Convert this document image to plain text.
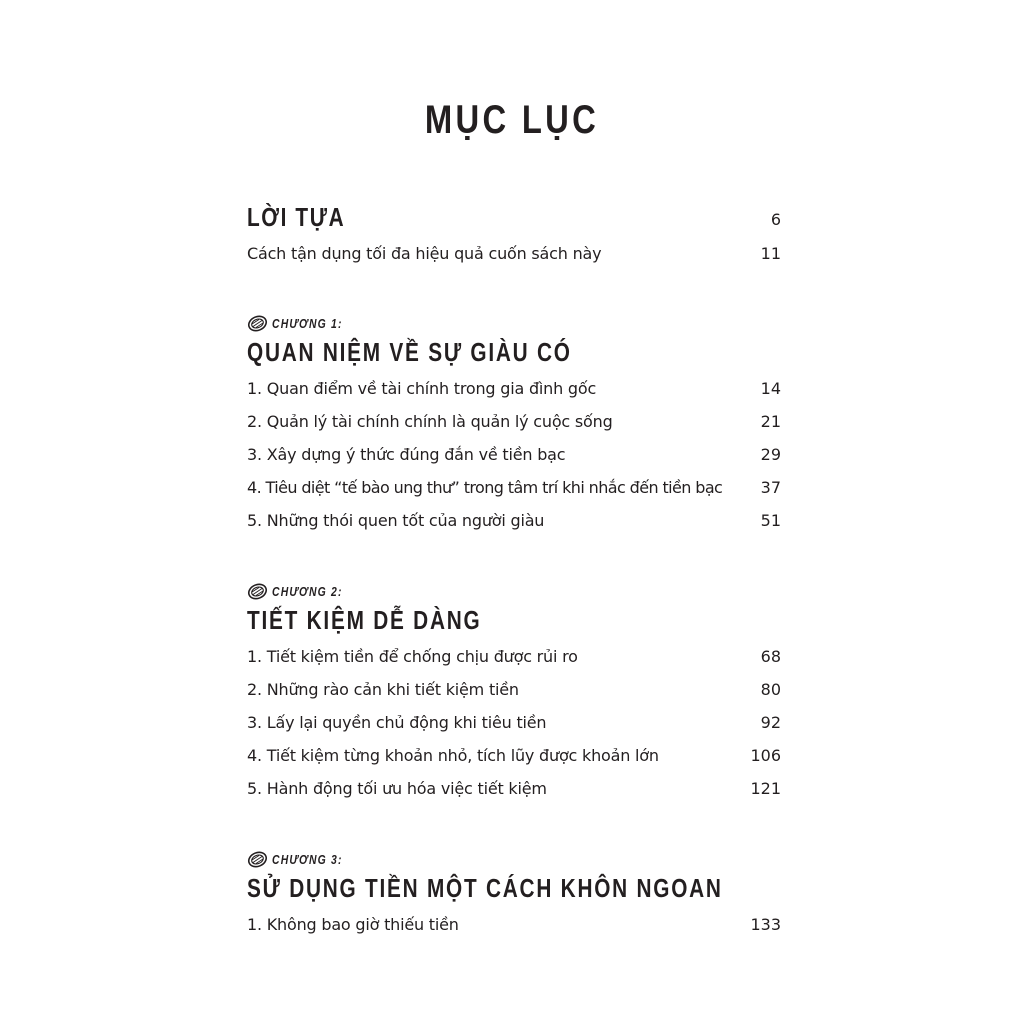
MỤC LỤC
LỜI TỰA	6
Cách tận dụng tối đa hiệu quả cuốn sách này	11
CHƯƠNG 1:
QUAN NIỆM VỀ SỰ GIÀU CÓ
1. Quan điểm về tài chính trong gia đình gốc	14
2. Quản lý tài chính chính là quản lý cuộc sống	21
3. Xây dựng ý thức đúng đắn về tiền bạc	29
4. Tiêu diệt “tế bào ung thư” trong tâm trí khi nhắc đến tiền bạc 37
5. Những thói quen tốt của người giàu	51
CHƯƠNG 2:
TIẾT KIỆM DỄ DÀNG
1. Tiết kiệm tiền để chống chịu được rủi ro	68
2. Những rào cản khi tiết kiệm tiền	80
3. Lấy lại quyền chủ động khi tiêu tiền	92
4. Tiết kiệm từng khoản nhỏ, tích lũy được khoản lớn	106
5. Hành động tối ưu hóa việc tiết kiệm	121
CHƯƠNG 3:
SỬ DỤNG TIỀN MỘT CÁCH KHÔN NGOAN
1. Không bao giờ thiếu tiền	133
